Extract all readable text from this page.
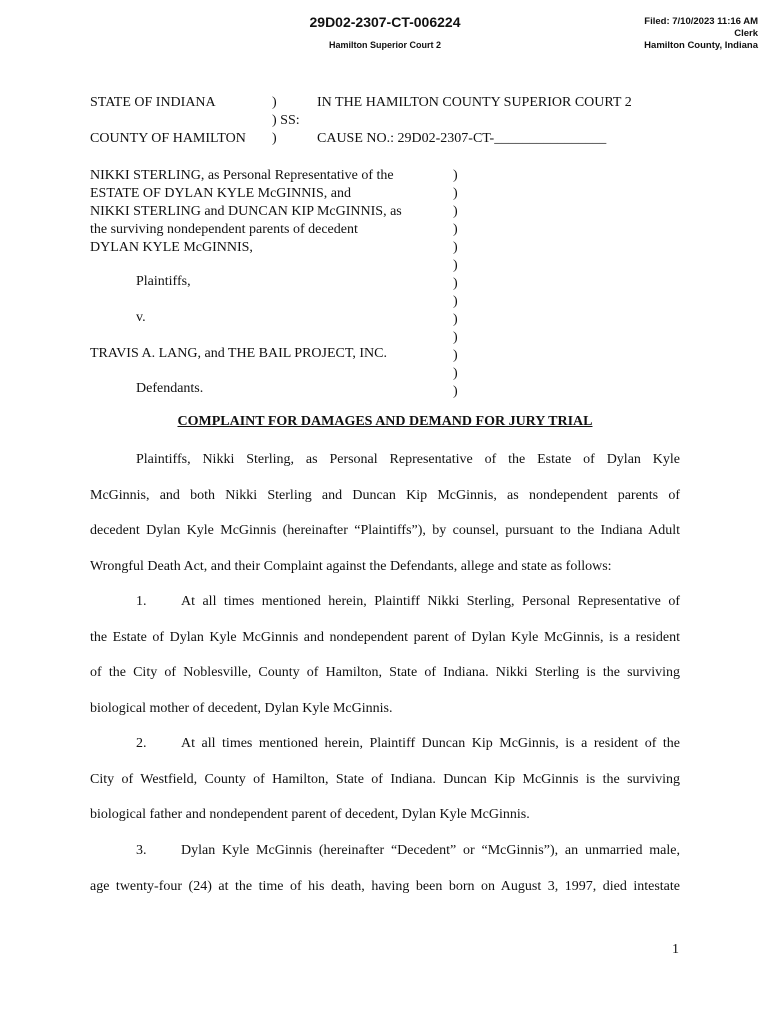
29D02-2307-CT-006224
Hamilton Superior Court 2
Filed: 7/10/2023 11:16 AM
Clerk
Hamilton County, Indiana
STATE OF INDIANA	)
) SS:
COUNTY OF HAMILTON )
IN THE HAMILTON COUNTY SUPERIOR COURT 2
CAUSE NO.: 29D02-2307-CT-________________
NIKKI STERLING, as Personal Representative of the
ESTATE OF DYLAN KYLE McGINNIS, and
NIKKI STERLING and DUNCAN KIP McGINNIS, as
the surviving nondependent parents of decedent
DYLAN KYLE McGINNIS,
Plaintiffs,
v.
TRAVIS A. LANG, and THE BAIL PROJECT, INC.
Defendants.
)
)
)
)
)
)
)
)
)
)
)
)
)
COMPLAINT FOR DAMAGES AND DEMAND FOR JURY TRIAL
Plaintiffs, Nikki Sterling, as Personal Representative of the Estate of Dylan Kyle
McGinnis, and both Nikki Sterling and Duncan Kip McGinnis, as nondependent parents of
decedent Dylan Kyle McGinnis (hereinafter “Plaintiffs”), by counsel, pursuant to the Indiana Adult
Wrongful Death Act, and their Complaint against the Defendants, allege and state as follows:
1.	At all times mentioned herein, Plaintiff Nikki Sterling, Personal Representative of
the Estate of Dylan Kyle McGinnis and nondependent parent of Dylan Kyle McGinnis, is a resident
of the City of Noblesville, County of Hamilton, State of Indiana. Nikki Sterling is the surviving
biological mother of decedent, Dylan Kyle McGinnis.
2.	At all times mentioned herein, Plaintiff Duncan Kip McGinnis, is a resident of the
City of Westfield, County of Hamilton, State of Indiana. Duncan Kip McGinnis is the surviving
biological father and nondependent parent of decedent, Dylan Kyle McGinnis.
3.	Dylan Kyle McGinnis (hereinafter “Decedent” or “McGinnis”), an unmarried male,
age twenty-four (24) at the time of his death, having been born on August 3, 1997, died intestate
1
